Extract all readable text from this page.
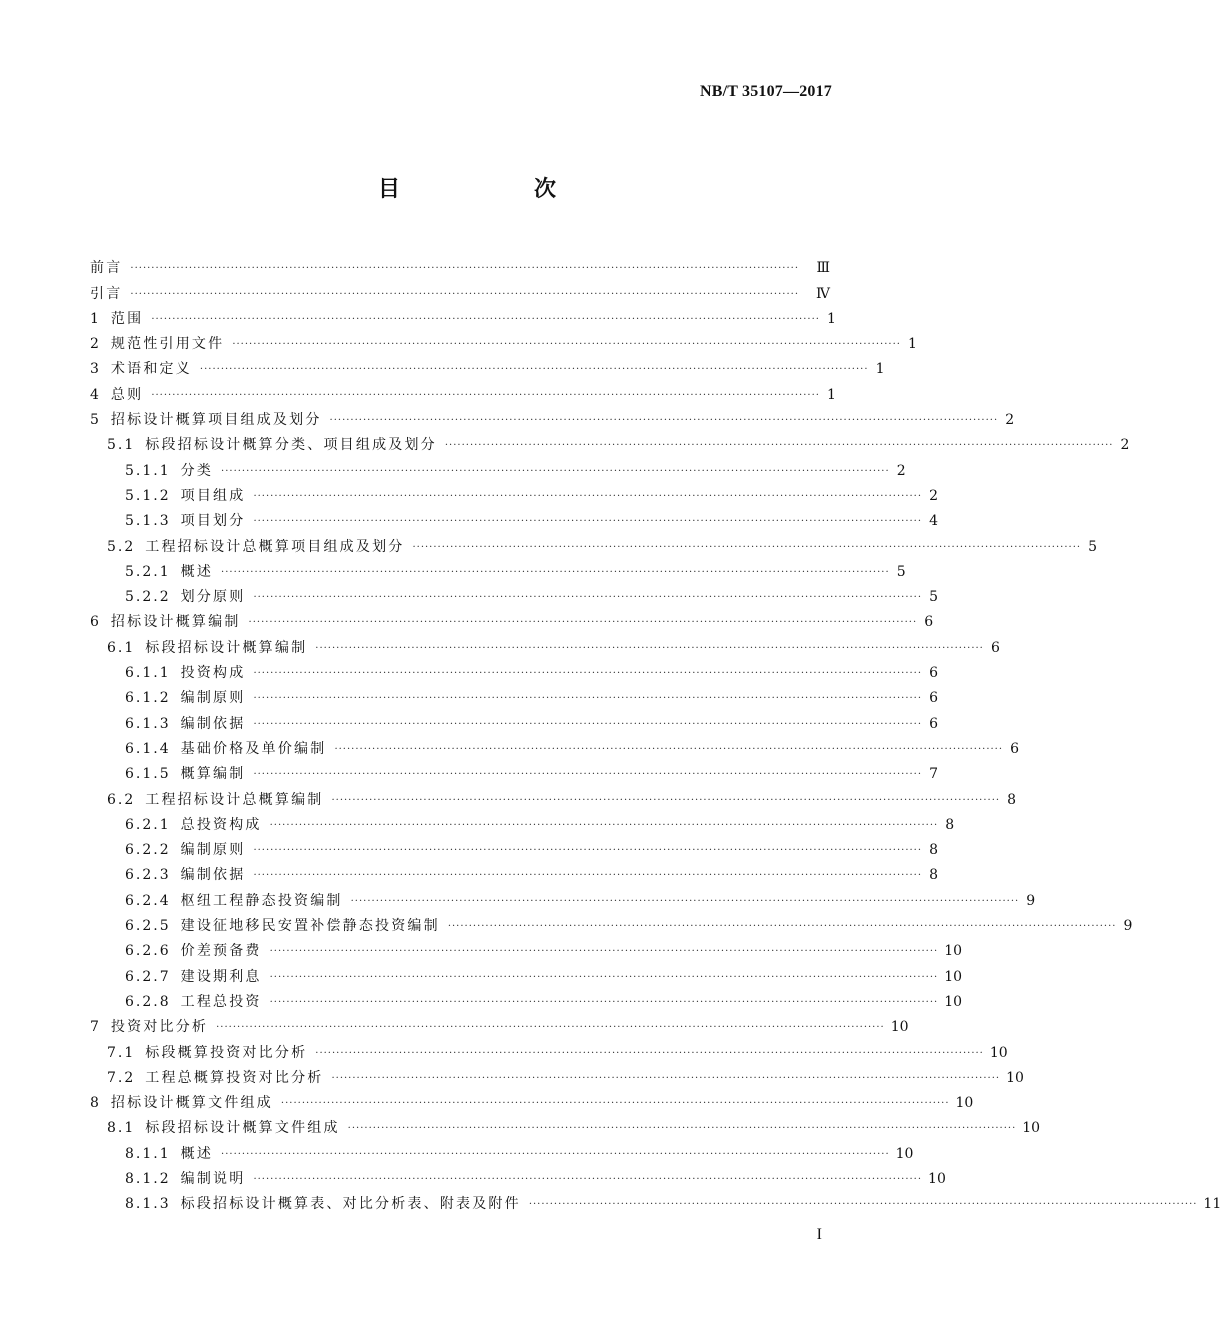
NB/T 35107—2017
目　次
前言 ································································································································································	Ⅲ
引言 ································································································································································	Ⅳ
1 范围 ································································································································································ 1
2 规范性引用文件 ································································································································································ 1
3 术语和定义 ································································································································································ 1
4 总则 ································································································································································ 1
5 招标设计概算项目组成及划分 ································································································································································ 2
5.1 标段招标设计概算分类、项目组成及划分 ································································································································································ 2
5.1.1 分类 ································································································································································ 2
5.1.2 项目组成 ································································································································································ 2
5.1.3 项目划分 ································································································································································ 4
5.2 工程招标设计总概算项目组成及划分 ································································································································································ 5
5.2.1 概述 ································································································································································ 5
5.2.2 划分原则 ································································································································································ 5
6 招标设计概算编制 ································································································································································ 6
6.1 标段招标设计概算编制 ································································································································································ 6
6.1.1 投资构成 ································································································································································ 6
6.1.2 编制原则 ································································································································································ 6
6.1.3 编制依据 ································································································································································ 6
6.1.4 基础价格及单价编制 ································································································································································ 6
6.1.5 概算编制 ································································································································································ 7
6.2 工程招标设计总概算编制 ································································································································································ 8
6.2.1 总投资构成 ································································································································································ 8
6.2.2 编制原则 ································································································································································ 8
6.2.3 编制依据 ································································································································································ 8
6.2.4 枢纽工程静态投资编制 ································································································································································ 9
6.2.5 建设征地移民安置补偿静态投资编制 ································································································································································ 9
6.2.6 价差预备费 ································································································································································ 10
6.2.7 建设期利息 ································································································································································ 10
6.2.8 工程总投资 ································································································································································ 10
7 投资对比分析 ································································································································································ 10
7.1 标段概算投资对比分析 ································································································································································ 10
7.2 工程总概算投资对比分析 ································································································································································ 10
8 招标设计概算文件组成 ································································································································································ 10
8.1 标段招标设计概算文件组成 ································································································································································ 10
8.1.1 概述 ································································································································································ 10
8.1.2 编制说明 ································································································································································ 10
8.1.3 标段招标设计概算表、对比分析表、附表及附件 ································································································································································ 11
I
